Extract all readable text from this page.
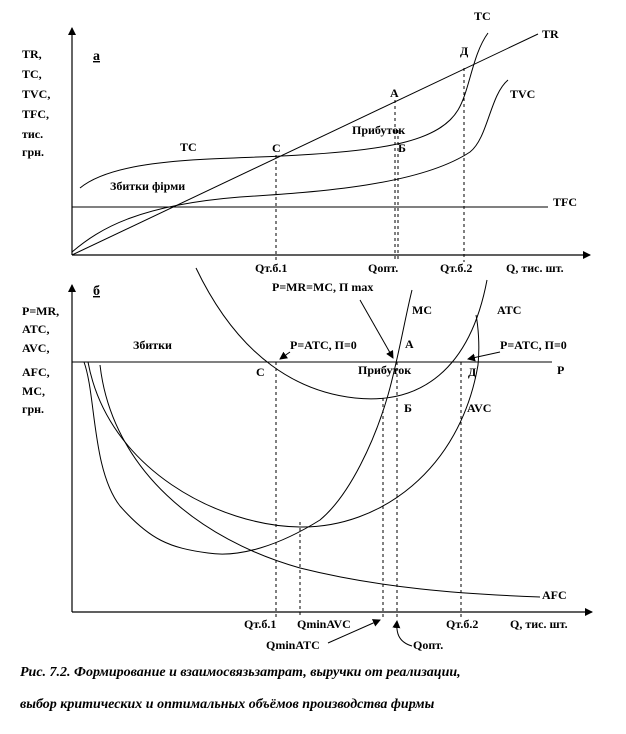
а
TR,
TC,
TVC,
TFC,
тис.
грн.
TC
TR
TVC
TFC
TC
Д
А
С	Б
Прибуток
Збитки фірми
Qт.б.1	Qопт.	Qт.б.2	Q, тис. шт.
б
P=MR,
ATC,
AVC,
AFC,
MC,
грн.
MC	ATC
AVC
AFC
P
С
А
Д
Б
P=MR=MC, П max
P=ATC, П=0	P=ATC, П=0
Збитки
Прибуток
Qт.б.1 QminAVC	Qт.б.2	Q, тис. шт.
QminATC	Qопт.
Рис. 7.2. Формирование и взаимосвязьзатрат, выручки от реализации,
выбор критических и оптимальных объёмов производства фирмы
